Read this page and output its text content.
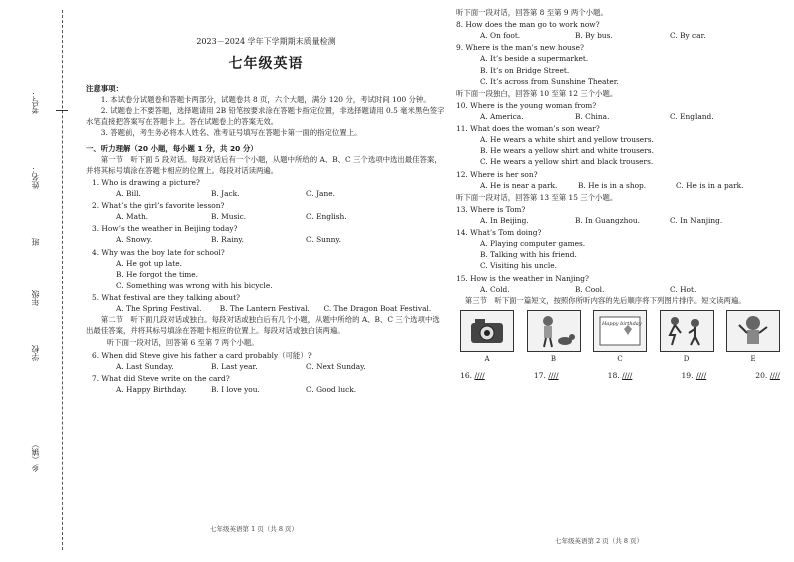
考号：
姓名：
班
年级
学校
乡（镇）
2023－2024 学年下学期期末质量检测
七年级英语
注意事项：

1. 本试卷分试题卷和答题卡两部分，试题卷共 8 页，六个大题，满分 120 分，考试时间 100 分钟。

2. 试题卷上不要答题，选择题请用 2B 铅笔按要求涂在答题卡指定位置，非选择题请用 0.5 毫米黑色签字水笔直接把答案写在答题卡上。答在试题卷上的答案无效。

3. 答题前，考生务必将本人姓名、准考证号填写在答题卡第一面的指定位置上。

一、听力理解（20 小题，每小题 1 分，共 20 分）

第一节　听下面 5 段对话。每段对话后有一个小题，从题中所给的 A、B、C 三个选项中选出最佳答案，并将其标号填涂在答题卡相应的位置上。每段对话读两遍。

1. Who is drawing a picture?
A. Bill.	B. Jack.	C. Jane.
2. What’s the girl’s favorite lesson?
A. Math.	B. Music.	C. English.
3. How’s the weather in Beijing today?
A. Snowy.	B. Rainy.	C. Sunny.
4. Why was the boy late for school?
A. He got up late.
B. He forgot the time.
C. Something was wrong with his bicycle.
5. What festival are they talking about?
A. The Spring Festival.	B. The Lantern Festival.	C. The Dragon Boat Festival.

第二节　听下面几段对话或独白。每段对话或独白后有几个小题，从题中所给的 A、B、C 三个选项中选出最佳答案，并将其标号填涂在答题卡相应的位置上。每段对话或独白读两遍。

听下面一段对话，回答第 6 至第 7 两个小题。
6. When did Steve give his father a card probably（可能）?
A. Last Sunday.	B. Last year.	C. Next Sunday.
7. What did Steve write on the card?
A. Happy Birthday.	B. I love you.	C. Good luck.
七年级英语第 1 页（共 8 页）
听下面一段对话，回答第 8 至第 9 两个小题。
8. How does the man go to work now?
A. On foot.	B. By bus.	C. By car.
9. Where is the man’s new house?
A. It’s beside a supermarket.
B. It’s on Bridge Street.
C. It’s across from Sunshine Theater.
听下面一段独白，回答第 10 至第 12 三个小题。
10. Where is the young woman from?
A. America.	B. China.	C. England.
11. What does the woman’s son wear?
A. He wears a white shirt and yellow trousers.
B. He wears a yellow shirt and white trousers.
C. He wears a yellow shirt and black trousers.
12. Where is her son?
A. He is near a park.	B. He is in a shop.	C. He is in a park.
听下面一段对话，回答第 13 至第 15 三个小题。
13. Where is Tom?
A. In Beijing.	B. In Guangzhou.	C. In Nanjing.
14. What’s Tom doing?
A. Playing computer games.
B. Talking with his friend.
C. Visiting his uncle.
15. How is the weather in Nanjing?
A. Cold.	B. Cool.	C. Hot.

第三节　听下面一篇短文，按照你所听内容的先后顺序将下列图片排序。短文读两遍。

A	B
Happy birthday
C	D	E
16. ////	17. ////	18. ////	19. ////	20. ////
七年级英语第 2 页（共 8 页）
